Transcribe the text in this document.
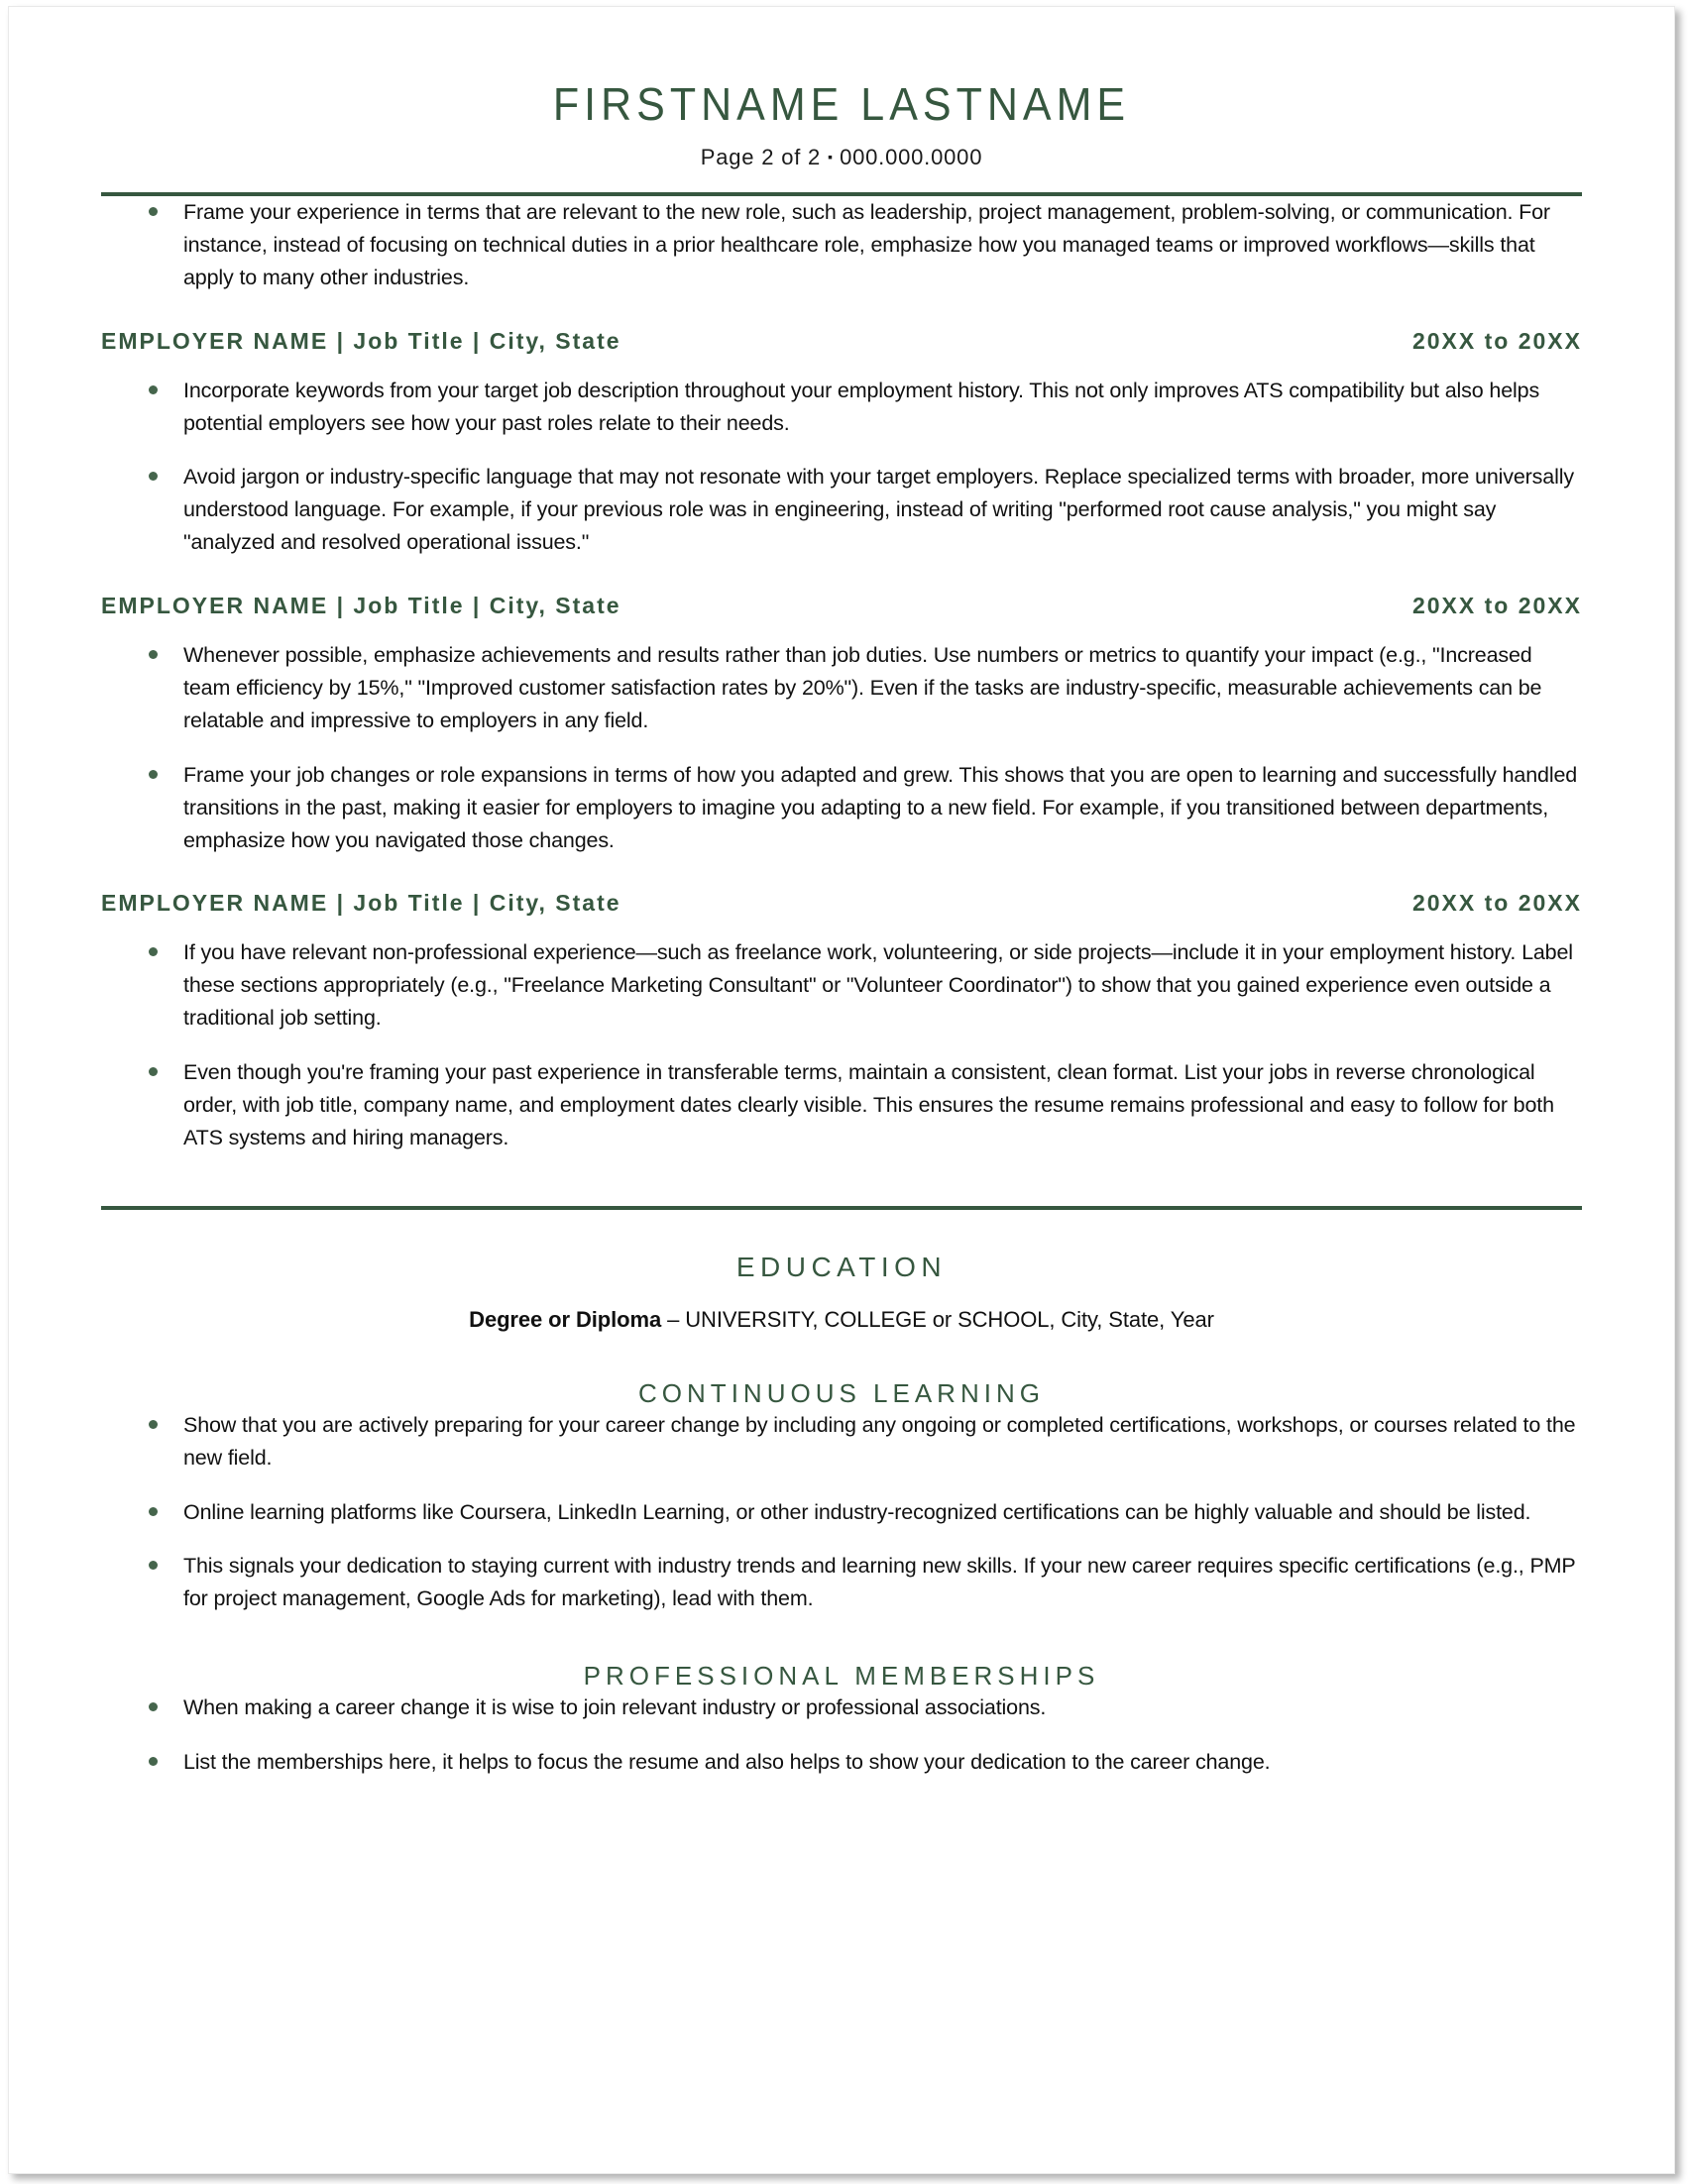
FIRSTNAME LASTNAME
Page 2 of 2 ▪ 000.000.0000
Frame your experience in terms that are relevant to the new role, such as leadership, project management, problem-solving, or communication. For instance, instead of focusing on technical duties in a prior healthcare role, emphasize how you managed teams or improved workflows—skills that apply to many other industries.
EMPLOYER NAME | Job Title | City, State	20XX to 20XX
Incorporate keywords from your target job description throughout your employment history. This not only improves ATS compatibility but also helps potential employers see how your past roles relate to their needs.
Avoid jargon or industry-specific language that may not resonate with your target employers. Replace specialized terms with broader, more universally understood language. For example, if your previous role was in engineering, instead of writing "performed root cause analysis," you might say "analyzed and resolved operational issues."
EMPLOYER NAME | Job Title | City, State	20XX to 20XX
Whenever possible, emphasize achievements and results rather than job duties. Use numbers or metrics to quantify your impact (e.g., "Increased team efficiency by 15%," "Improved customer satisfaction rates by 20%"). Even if the tasks are industry-specific, measurable achievements can be relatable and impressive to employers in any field.
Frame your job changes or role expansions in terms of how you adapted and grew. This shows that you are open to learning and successfully handled transitions in the past, making it easier for employers to imagine you adapting to a new field. For example, if you transitioned between departments, emphasize how you navigated those changes.
EMPLOYER NAME | Job Title | City, State	20XX to 20XX
If you have relevant non-professional experience—such as freelance work, volunteering, or side projects—include it in your employment history. Label these sections appropriately (e.g., "Freelance Marketing Consultant" or "Volunteer Coordinator") to show that you gained experience even outside a traditional job setting.
Even though you're framing your past experience in transferable terms, maintain a consistent, clean format. List your jobs in reverse chronological order, with job title, company name, and employment dates clearly visible. This ensures the resume remains professional and easy to follow for both ATS systems and hiring managers.
EDUCATION
Degree or Diploma – UNIVERSITY, COLLEGE or SCHOOL, City, State, Year
CONTINUOUS LEARNING
Show that you are actively preparing for your career change by including any ongoing or completed certifications, workshops, or courses related to the new field.
Online learning platforms like Coursera, LinkedIn Learning, or other industry-recognized certifications can be highly valuable and should be listed.
This signals your dedication to staying current with industry trends and learning new skills. If your new career requires specific certifications (e.g., PMP for project management, Google Ads for marketing), lead with them.
PROFESSIONAL MEMBERSHIPS
When making a career change it is wise to join relevant industry or professional associations.
List the memberships here, it helps to focus the resume and also helps to show your dedication to the career change.
